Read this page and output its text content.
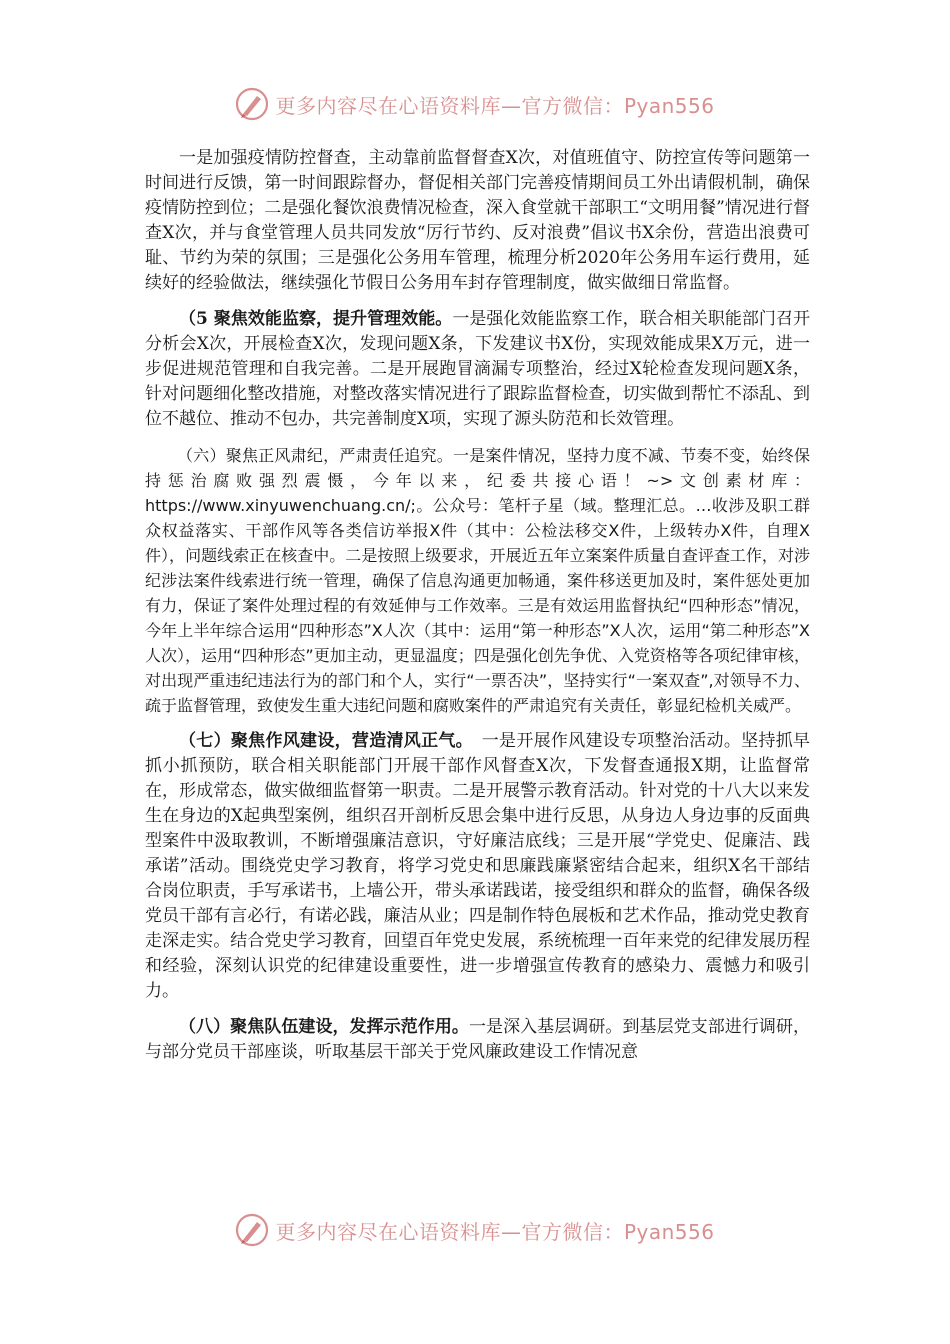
更多内容尽在心语资料库—官方微信：Pyan556

一是加强疫情防控督查，主动靠前监督督查X次，对值班值守、防控宣传等问题第一时间进行反馈，第一时间跟踪督办，督促相关部门完善疫情期间员工外出请假机制，确保疫情防控到位；二是强化餐饮浪费情况检查，深入食堂就干部职工“文明用餐”情况进行督查X次，并与食堂管理人员共同发放“厉行节约、反对浪费”倡议书X余份，营造出浪费可耻、节约为荣的氛围；三是强化公务用车管理，梳理分析2020年公务用车运行费用，延续好的经验做法，继续强化节假日公务用车封存管理制度，做实做细日常监督。

（5 聚焦效能监察，提升管理效能。一是强化效能监察工作，联合相关职能部门召开分析会X次，开展检查X次，发现问题X条，下发建议书X份，实现效能成果X万元，进一步促进规范管理和自我完善。二是开展跑冒滴漏专项整治，经过X轮检查发现问题X条，针对问题细化整改措施，对整改落实情况进行了跟踪监督检查，切实做到帮忙不添乱、到位不越位、推动不包办，共完善制度X项，实现了源头防范和长效管理。

（六）聚焦正风肃纪，严肃责任追究。一是案件情况，坚持力度不减、节奏不变，始终保持惩治腐败强烈震慑，今年以来，纪委共接心语！~>文创素材库：https://www.xinyuwenchuang.cn/;。公众号：笔杆子星（域。整理汇总。…收涉及职工群众权益落实、干部作风等各类信访举报X件（其中：公检法移交X件，上级转办X件，自理X件），问题线索正在核查中。二是按照上级要求，开展近五年立案案件质量自查评查工作，对涉纪涉法案件线索进行统一管理，确保了信息沟通更加畅通，案件移送更加及时，案件惩处更加有力，保证了案件处理过程的有效延伸与工作效率。三是有效运用监督执纪“四种形态”情况，今年上半年综合运用“四种形态”X人次（其中：运用“第一种形态”X人次，运用“第二种形态”X人次），运用“四种形态”更加主动，更显温度；四是强化创先争优、入党资格等各项纪律审核，对出现严重违纪违法行为的部门和个人，实行“一票否决”，坚持实行“一案双查”,对领导不力、疏于监督管理，致使发生重大违纪问题和腐败案件的严肃追究有关责任，彰显纪检机关威严。

（七）聚焦作风建设，营造清风正气。　一是开展作风建设专项整治活动。坚持抓早抓小抓预防，联合相关职能部门开展干部作风督查X次，下发督查通报X期，让监督常在，形成常态，做实做细监督第一职责。二是开展警示教育活动。针对党的十八大以来发生在身边的X起典型案例，组织召开剖析反思会集中进行反思，从身边人身边事的反面典型案件中汲取教训，不断增强廉洁意识，守好廉洁底线；三是开展“学党史、促廉洁、践承诺”活动。围绕党史学习教育，将学习党史和思廉践廉紧密结合起来，组织X名干部结合岗位职责，手写承诺书，上墙公开，带头承诺践诺，接受组织和群众的监督，确保各级党员干部有言必行，有诺必践，廉洁从业；四是制作特色展板和艺术作品，推动党史教育走深走实。结合党史学习教育，回望百年党史发展，系统梳理一百年来党的纪律发展历程和经验，深刻认识党的纪律建设重要性，进一步增强宣传教育的感染力、震憾力和吸引力。

（八）聚焦队伍建设，发挥示范作用。一是深入基层调研。到基层党支部进行调研，与部分党员干部座谈，听取基层干部关于党风廉政建设工作情况意

更多内容尽在心语资料库—官方微信：Pyan556
